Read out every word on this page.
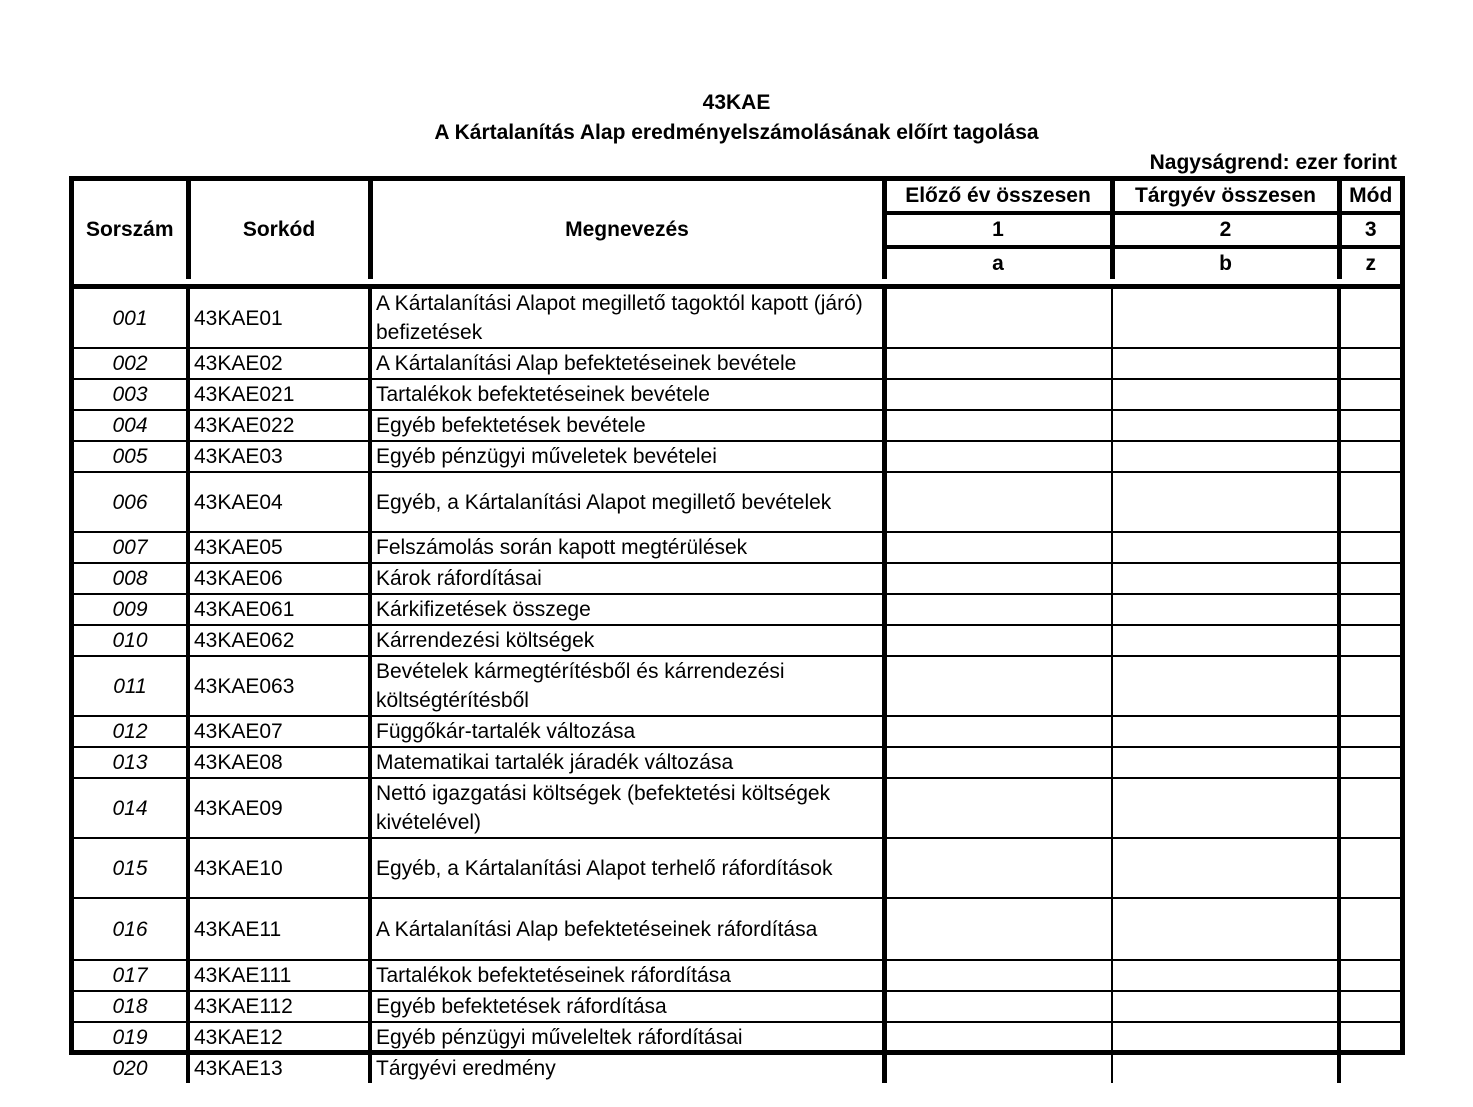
43KAE
A Kártalanítás Alap eredményelszámolásának előírt tagolása
Nagyságrend: ezer forint
Sorszám	Sorkód	Megnevezés	Előző év összesen	Tárgyév összesen	Mód
			1	2	3
			a	b	z
001	43KAE01	A Kártalanítási Alapot megillető tagoktól kapott (járó) befizetések			
002	43KAE02	A Kártalanítási Alap befektetéseinek bevétele			
003	43KAE021	Tartalékok befektetéseinek bevétele			
004	43KAE022	Egyéb befektetések bevétele			
005	43KAE03	Egyéb pénzügyi műveletek bevételei			
006	43KAE04	Egyéb, a Kártalanítási Alapot megillető bevételek			
007	43KAE05	Felszámolás során kapott megtérülések			
008	43KAE06	Károk ráfordításai			
009	43KAE061	Kárkifizetések összege			
010	43KAE062	Kárrendezési költségek			
011	43KAE063	Bevételek kármegtérítésből és kárrendezési költségtérítésből			
012	43KAE07	Függőkár-tartalék változása			
013	43KAE08	Matematikai tartalék járadék változása			
014	43KAE09	Nettó igazgatási költségek (befektetési költségek kivételével)			
015	43KAE10	Egyéb, a Kártalanítási Alapot terhelő ráfordítások			
016	43KAE11	A Kártalanítási Alap befektetéseinek ráfordítása			
017	43KAE111	Tartalékok befektetéseinek ráfordítása			
018	43KAE112	Egyéb befektetések ráfordítása			
019	43KAE12	Egyéb pénzügyi műveleltek ráfordításai			
020	43KAE13	Tárgyévi eredmény			
